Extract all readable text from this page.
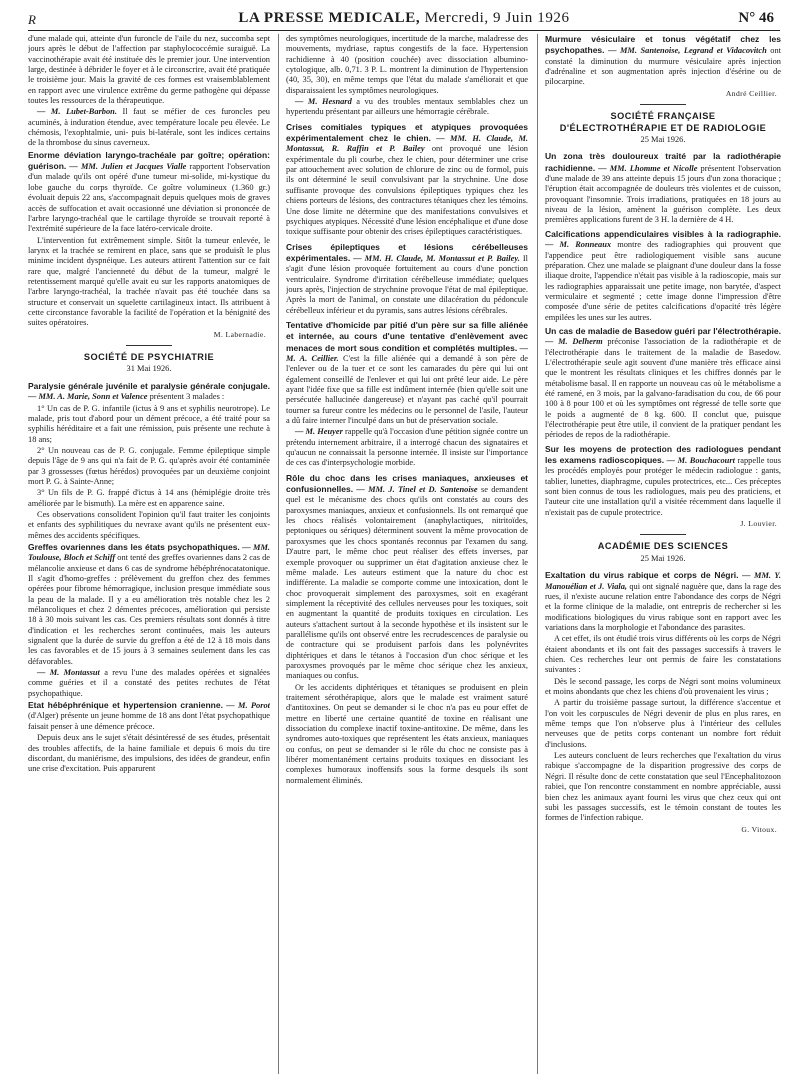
R	LA PRESSE MEDICALE, Mercredi, 9 Juin 1926	N° 46

d'une malade qui, atteinte d'un furoncle de l'aile du nez, succomba sept jours après le début de l'affection par staphylococcémie suraiguë. La vaccinothérapie avait été instituée dès le premier jour. Une intervention large, destinée à débrider le foyer et à le circonscrire, avait été pratiquée le troisième jour. Mais la gravité de ces formes est vraisemblablement en rapport avec une virulence extrême du germe pathogène qui dépasse toutes les ressources de la thérapeutique.

— M. Lubet-Barbon. Il faut se méfier de ces furoncles peu acuminés, à induration étendue, avec température locale peu élevée. Le chémosis, l'exophtalmie, uni- puis bi-latérale, sont les indices certains de la thrombose du sinus caverneux.

Enorme déviation laryngo-trachéale par goître; opération: guérison. — MM. Julien et Jacques Vialle rapportent l'observation d'un malade qu'ils ont opéré d'une tumeur mi-solide, mi-kystique du lobe gauche du corps thyroïde. Ce goître volumineux (1.360 gr.) évoluait depuis 22 ans, s'accompagnait depuis quelques mois de graves accès de suffocation et avait occasionné une déviation si prononcée de l'arbre laryngo-trachéal que le cartilage thyroïde se trouvait reporté à l'extrémité supérieure de la face latéro-cervicale droite.

L'intervention fut extrêmement simple. Sitôt la tumeur enlevée, le larynx et la trachée se remirent en place, sans que se produisît le plus minime incident dyspnéique. Les auteurs attirent l'attention sur ce fait rare que, malgré l'ancienneté du début de la tumeur, malgré le retentissement marqué qu'elle avait eu sur les rapports anatomiques de l'arbre laryngo-trachéal, la trachée n'avait pas été touchée dans sa structure et conservait un squelette cartilagineux intact. Ils attribuent à cette circonstance favorable la facilité de l'opération et la bénignité des suites opératoires.

M. Labernadie.
SOCIÉTÉ DE PSYCHIATRIE
31 Mai 1926.

Paralysie générale juvénile et paralysie générale conjugale. — MM. A. Marie, Sonn et Valence présentent 3 malades :

1° Un cas de P. G. infantile (ictus à 9 ans et syphilis neurotrope). Le malade, pris tout d'abord pour un dément précoce, a été traité pour sa syphilis héréditaire et a fait une rémission, puis présente une rechute à 18 ans;

2° Un nouveau cas de P. G. conjugale. Femme épileptique simple depuis l'âge de 9 ans qui n'a fait de P. G. qu'après avoir été contaminée par 3 grossesses (fœtus hérédos) provoquées par un deuxième conjoint mort P. G. à Sainte-Anne;

3° Un fils de P. G. frappé d'ictus à 14 ans (hémiplégie droite très améliorée par le bismuth). La mère est en apparence saine.

Ces observations consolident l'opinion qu'il faut traiter les conjoints et enfants des syphilitiques du nevraxe avant qu'ils ne présentent eux-mêmes des accidents spécifiques.

Greffes ovariennes dans les états psychopathiques. — MM. Toulouse, Bloch et Schiff ont tenté des greffes ovariennes dans 2 cas de mélancolie anxieuse et dans 6 cas de syndrome hébéphrénocatatonique. Il s'agit d'homo-greffes : prélèvement du greffon chez des femmes opérées pour fibrome hémorragique, inclusion presque immédiate sous la peau de la malade. Il y a eu amélioration très notable chez les 2 mélancoliques et chez 2 démentes précoces, amélioration qui persiste 18 à 30 mois suivant les cas. Ces premiers résultats sont donnés à titre d'indication et les recherches seront continuées, mais les auteurs signalent que la durée de survie du greffon a été de 12 à 18 mois dans les cas favorables et de 15 jours à 3 semaines seulement dans les cas défavorables.

— M. Montassut a revu l'une des malades opérées et signalées comme guéries et il a constaté des petites rechutes de l'état psychopathique.

Etat hébéphrénique et hypertension cranienne. — M. Porot (d'Alger) présente un jeune homme de 18 ans dont l'état psychopathique faisait penser à une démence précoce.

Depuis deux ans le sujet s'était désintéressé de ses études, présentait des troubles affectifs, de la haine familiale et depuis 6 mois du tire discordant, du maniérisme, des impulsions, des idées de grandeur, enfin une crise d'excitation. Puis apparurent

des symptômes neurologiques, incertitude de la marche, maladresse des mouvements, mydriase, raptus congestifs de la face. Hypertension rachidienne à 40 (position couchée) avec dissociation albumino-cytologique, alb. 0,71. 3 P. L. montrent la diminution de l'hypertension (40, 35, 30), en même temps que l'état du malade s'améliorait et que disparaissaient les symptômes neurologiques.

— M. Hesnard a vu des troubles mentaux semblables chez un hypertendu présentant par ailleurs une hémorragie cérébrale.

Crises comitiales typiques et atypiques provoquées expérimentalement chez le chien. — MM. H. Claude, M. Montassut, R. Raffin et P. Bailey ont provoqué une lésion expérimentale du pli courbe, chez le chien, pour déterminer une crise par attouchement avec solution de chlorure de zinc ou de formol, puis ils ont déterminé le seuil convulsivant par la strychnine. Une dose suffisante provoque des convulsions épileptiques typiques chez les chiens porteurs de lésions, des contractures tétaniques chez les témoins. Une dose limite ne détermine que des manifestations convulsives et psychiques atypiques. Nécessité d'une lésion encéphalique et d'une dose toxique suffisante pour obtenir des crises épileptiques caractéristiques.

Crises épileptiques et lésions cérébelleuses expérimentales. — MM. H. Claude, M. Montassut et P. Bailey. Il s'agit d'une lésion provoquée fortuitement au cours d'une ponction ventriculaire. Syndrome d'irritation cérébelleuse immédiate; quelques jours après, l'injection de strychnine provoque l'état de mal épileptique. Après la mort de l'animal, on constate une dilacération du pédoncule cérébelleux inférieur et du pyramis, sans autres lésions cérébrales.

Tentative d'homicide par pitié d'un père sur sa fille aliénée et internée, au cours d'une tentative d'enlèvement avec menaces de mort sous condition et complétés multiples. — M. A. Ceillier. C'est la fille aliénée qui a demandé à son père de l'enlever ou de la tuer et ce sont les camarades du père qui lui ont également conseillé de l'enlever et qui lui ont prêté leur aide. Le père ayant l'idée fixe que sa fille est indûment internée (bien qu'elle soit une persécutée hallucinée dangereuse) et n'ayant pas caché qu'il pourrait tourner sa fureur contre les médecins ou le personnel de l'asile, l'auteur a dû faire interner l'inculpé dans un but de préservation sociale.

— M. Heuyer rappelle qu'à l'occasion d'une pétition signée contre un prétendu internement arbitraire, il a interrogé chacun des signataires et qu'aucun ne connaissait la personne internée. Il insiste sur l'importance de ces cas d'interpsychologie morbide.

Rôle du choc dans les crises maniaques, anxieuses et confusionnelles. — MM. J. Tinel et D. Santenoise se demandent quel est le mécanisme des chocs qu'ils ont constatés au cours des paroxysmes maniaques, anxieux et confusionnels. Ils ont remarqué que les chocs réalisés volontairement (anaphylactiques, nitritoïdes, peptoniques ou sériques) déterminent souvent la même provocation de paroxysmes que les chocs spontanés reconnus par l'examen du sang. D'autre part, le même choc peut réaliser des effets inverses, par exemple provoquer ou supprimer un état d'agitation anxieuse chez le même malade. Les auteurs estiment que la nature du choc est indifférente. La maladie se comporte comme une intoxication, dont le choc provoquerait simplement des paroxysmes, soit en exagérant simplement la réceptivité des cellules nerveuses pour les toxiques, soit en augmentant la quantité de produits toxiques en circulation. Les auteurs s'attachent surtout à la seconde hypothèse et ils insistent sur le parallélisme qu'ils ont observé entre les recrudescences de paralysie ou de contracture qui se produisent parfois dans les polynévrites diphtériques et dans le tétanos à l'occasion d'un choc sérique et les paroxysmes provoqués par le même choc sérique chez les anxieux, maniaques ou confus.

Or les accidents diphtériques et tétaniques se produisent en plein traitement sérothérapique, alors que le malade est vraiment saturé d'antitoxines. On peut se demander si le choc n'a pas eu pour effet de mettre en liberté une certaine quantité de toxine en réalisant une dissociation du complexe inactif toxine-antitoxine. De même, dans les syndromes auto-toxiques que représentent les états anxieux, maniaques ou confus, on peut se demander si le rôle du choc ne consiste pas à libérer momentanément certains produits toxiques en dissociant les complexes humoraux inoffensifs sous la forme desquels ils sont normalement éliminés.

Murmure vésiculaire et tonus végétatif chez les psychopathes. — MM. Santenoise, Legrand et Vidacovitch ont constaté la diminution du murmure vésiculaire après injection d'adrénaline et son augmentation après injection d'ésérine ou de pilocarpine.

André Ceillier.
SOCIÉTÉ FRANÇAISE
D'ÉLECTROTHÉRAPIE ET DE RADIOLOGIE
25 Mai 1926.

Un zona très douloureux traité par la radiothérapie rachidienne. — MM. Lhomme et Nicolle présentent l'observation d'une malade de 39 ans atteinte depuis 15 jours d'un zona thoracique ; l'éruption était accompagnée de douleurs très violentes et de cuisson, provoquant l'insomnie. Trois irradiations, pratiquées en 18 jours au niveau de la lésion, amènent la guérison complète. Les deux premières applications furent de 3 H. la dernière de 4 H.

Calcifications appendiculaires visibles à la radiographie. — M. Ronneaux montre des radiographies qui prouvent que l'appendice peut être radiologiquement visible sans aucune préparation. Chez une malade se plaignant d'une douleur dans la fosse iliaque droite, l'appendice n'était pas visible à la radioscopie, mais sur les radiographies apparaissait une petite image, non barytée, d'aspect vermiculaire et segmenté ; cette image donne l'impression d'être composée d'une série de petites calcifications d'opacité très légère empilées les unes sur les autres.

Un cas de maladie de Basedow guéri par l'électrothérapie. — M. Delherm préconise l'association de la radiothérapie et de l'électrothérapie dans le traitement de la maladie de Basedow. L'électrothérapie seule agit souvent d'une manière très efficace ainsi que le montrent les résultats cliniques et les chiffres donnés par le métabolisme basal. Il en rapporte un nouveau cas où le métabolisme a été ramené, en 3 mois, par la galvano-faradisation du cou, de 66 pour 100 à 8 pour 100 et où les symptômes ont régressé de telle sorte que le poids a augmenté de 8 kg. 600. Il conclut que, puisque l'électrothérapie peut être utile, il convient de la pratiquer pendant les périodes de repos de la radiothérapie.

Sur les moyens de protection des radiologues pendant les examens radioscopiques. — M. Bouchacourt rappelle tous les procédés employés pour protéger le médecin radiologue : gants, tablier, lunettes, diaphragme, cupules protectrices, etc... Ces préceptes sont bien connus de tous les radiologues, mais peu des praticiens, et l'auteur cite une installation qu'il a visitée récemment dans laquelle il n'existait pas de cupule protectrice.

J. Louvier.
ACADÉMIE DES SCIENCES
25 Mai 1926.

Exaltation du virus rabique et corps de Négri. — MM. Y. Manouélian et J. Viala, qui ont signalé naguère que, dans la rage des rues, il n'existe aucune relation entre l'abondance des corps de Négri et la forme clinique de la maladie, ont entrepris de rechercher si les modifications biologiques du virus rabique sont en rapport avec les variations dans la morphologie et l'abondance des parasites.

A cet effet, ils ont étudié trois virus différents où les corps de Négri étaient abondants et ils ont fait des passages successifs à travers le chien. Ces recherches leur ont permis de faire les constatations suivantes :

Dès le second passage, les corps de Négri sont moins volumineux et moins abondants que chez les chiens d'où provenaient les virus ;

A partir du troisième passage surtout, la différence s'accentue et l'on voit les corpuscules de Négri devenir de plus en plus rares, en même temps que l'on n'observe plus à l'intérieur des cellules nerveuses que de petits corps contenant un nombre fort réduit d'inclusions.

Les auteurs concluent de leurs recherches que l'exaltation du virus rabique s'accompagne de la disparition progressive des corps de Négri. Il résulte donc de cette constatation que seul l'Encephalitozoon rabiei, que l'on rencontre constamment en nombre appréciable, aussi bien chez les animaux ayant fourni les virus que chez ceux qui ont subi les passages successifs, est le témoin constant de toutes les formes de l'infection rabique.

G. Vitoux.
